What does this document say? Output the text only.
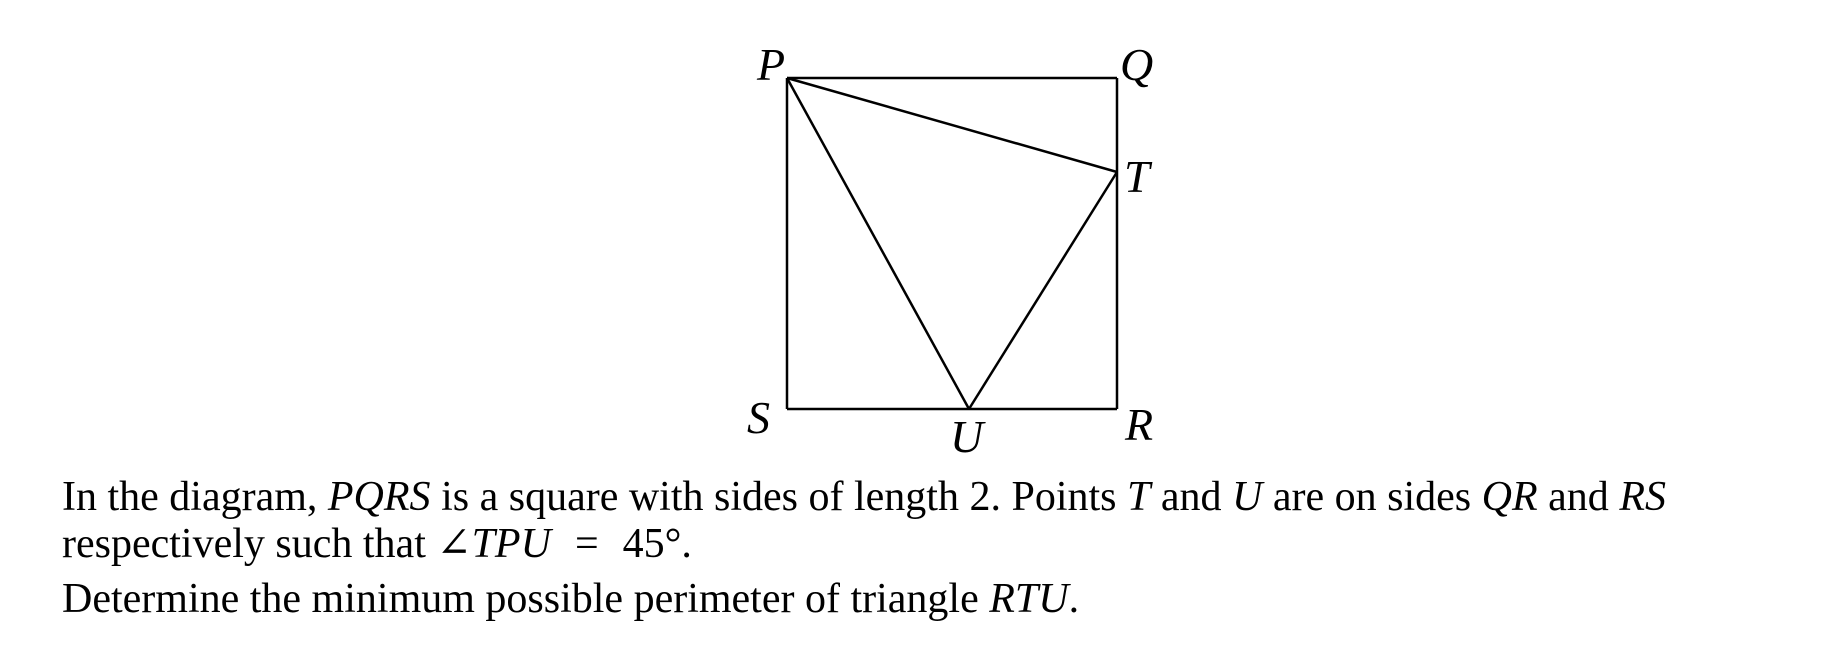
P	Q
T
S	U	R

In the diagram, PQRS is a square with sides of length 2. Points T and U are on sides QR and RS

respectively such that ∠TPU = 45°.

Determine the minimum possible perimeter of triangle RTU.
